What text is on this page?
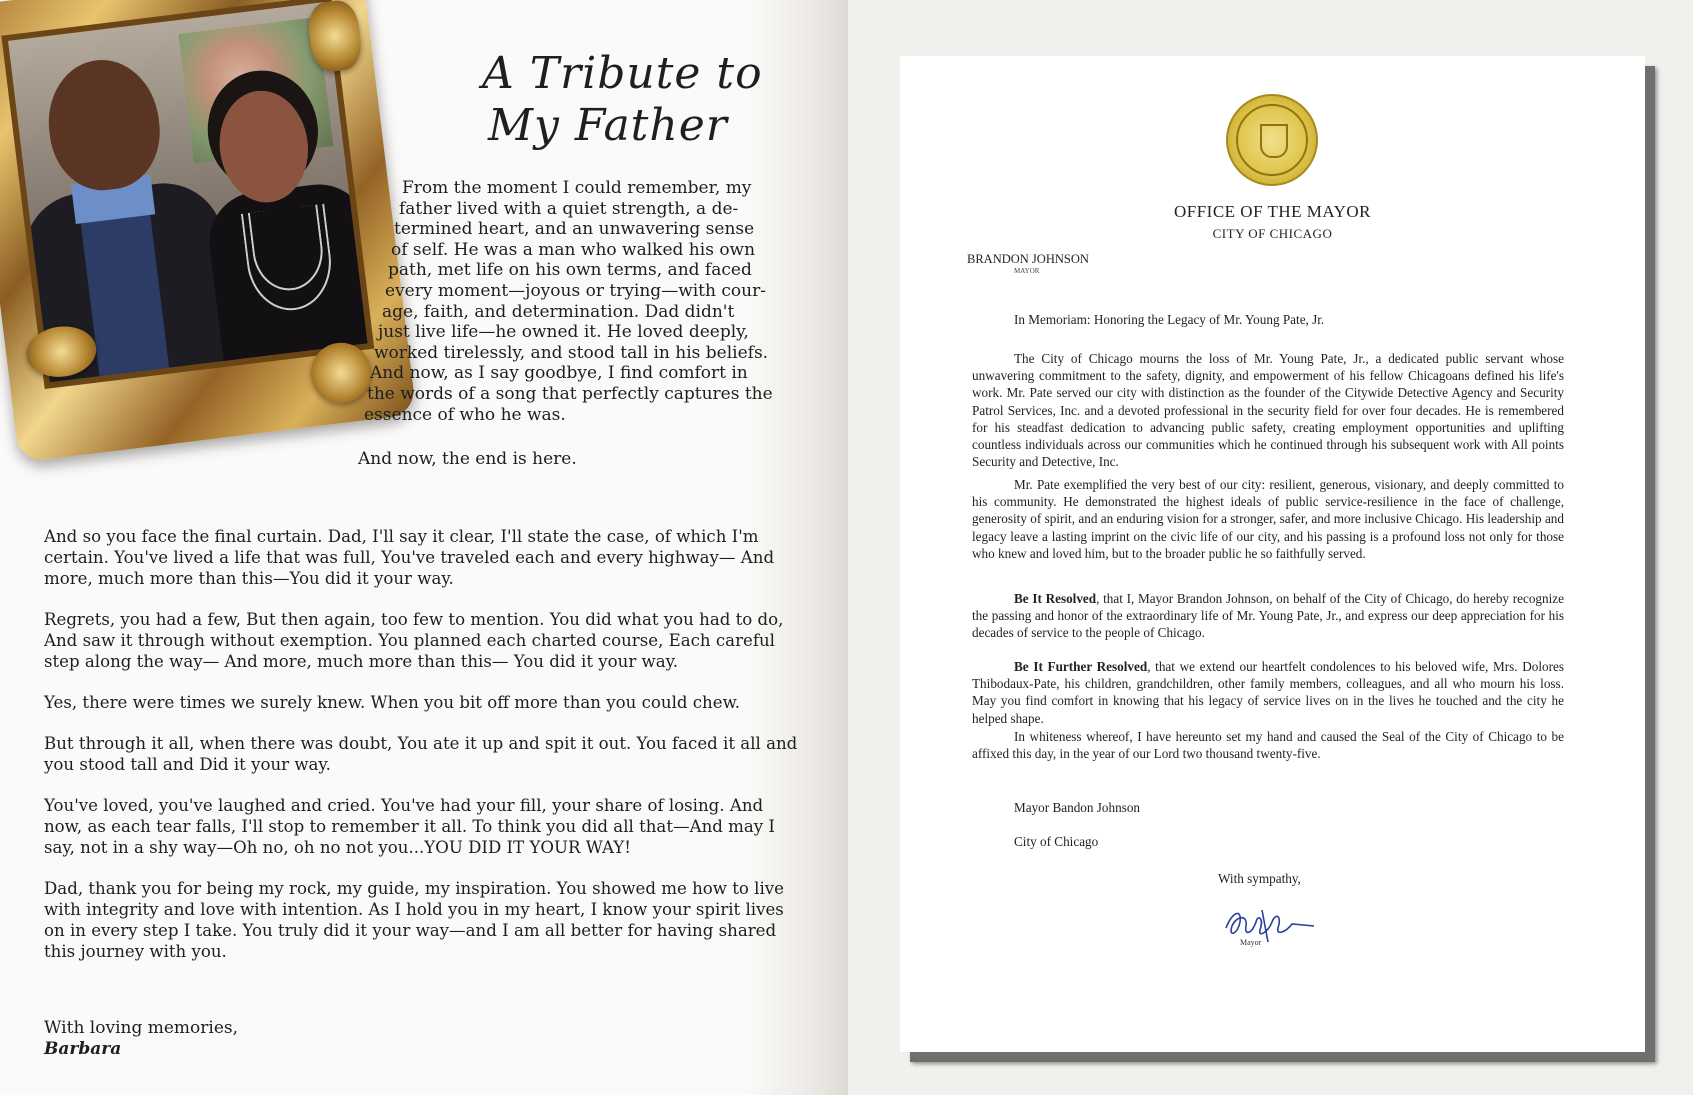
A Tribute to
My Father
From the moment I could remember, my
father lived with a quiet strength, a de-
termined heart, and an unwavering sense
of self. He was a man who walked his own
path, met life on his own terms, and faced
every moment—joyous or trying—with cour-
age, faith, and determination. Dad didn't
just live life—he owned it. He loved deeply,
worked tirelessly, and stood tall in his beliefs.
And now, as I say goodbye, I find comfort in
the words of a song that perfectly captures the
essence of who he was.
And now, the end is here.

And so you face the final curtain. Dad, I'll say it clear, I'll state the case, of which I'm certain. You've lived a life that was full, You've traveled each and every highway— And more, much more than this—You did it your way.

Regrets, you had a few, But then again, too few to mention. You did what you had to do, And saw it through without exemption. You planned each charted course, Each careful step along the way— And more, much more than this— You did it your way.

Yes, there were times we surely knew. When you bit off more than you could chew.

But through it all, when there was doubt, You ate it up and spit it out. You faced it all and you stood tall and Did it your way.

You've loved, you've laughed and cried. You've had your fill, your share of losing. And now, as each tear falls, I'll stop to remember it all. To think you did all that—And may I say, not in a shy way—Oh no, oh no not you...YOU DID IT YOUR WAY!

Dad, thank you for being my rock, my guide, my inspiration. You showed me how to live with integrity and love with intention. As I hold you in my heart, I know your spirit lives on in every step I take. You truly did it your way—and I am all better for having shared this journey with you.

With loving memories,
Barbara
OFFICE OF THE MAYOR
CITY OF CHICAGO
BRANDON JOHNSON
MAYOR
In Memoriam: Honoring the Legacy of Mr. Young Pate, Jr.
The City of Chicago mourns the loss of Mr. Young Pate, Jr., a dedicated public servant whose unwavering commitment to the safety, dignity, and empowerment of his fellow Chicagoans defined his life's work. Mr. Pate served our city with distinction as the founder of the Citywide Detective Agency and Security Patrol Services, Inc. and a devoted professional in the security field for over four decades. He is remembered for his steadfast dedication to advancing public safety, creating employment opportunities and uplifting countless individuals across our communities which he continued through his subsequent work with All points Security and Detective, Inc.
Mr. Pate exemplified the very best of our city: resilient, generous, visionary, and deeply committed to his community. He demonstrated the highest ideals of public service-resilience in the face of challenge, generosity of spirit, and an enduring vision for a stronger, safer, and more inclusive Chicago. His leadership and legacy leave a lasting imprint on the civic life of our city, and his passing is a profound loss not only for those who knew and loved him, but to the broader public he so faithfully served.
Be It Resolved, that I, Mayor Brandon Johnson, on behalf of the City of Chicago, do hereby recognize the passing and honor of the extraordinary life of Mr. Young Pate, Jr., and express our deep appreciation for his decades of service to the people of Chicago.
Be It Further Resolved, that we extend our heartfelt condolences to his beloved wife, Mrs. Dolores Thibodaux-Pate, his children, grandchildren, other family members, colleagues, and all who mourn his loss. May you find comfort in knowing that his legacy of service lives on in the lives he touched and the city he helped shape.
In whiteness whereof, I have hereunto set my hand and caused the Seal of the City of Chicago to be affixed this day, in the year of our Lord two thousand twenty-five.
Mayor Bandon Johnson
City of Chicago
With sympathy,
Mayor
